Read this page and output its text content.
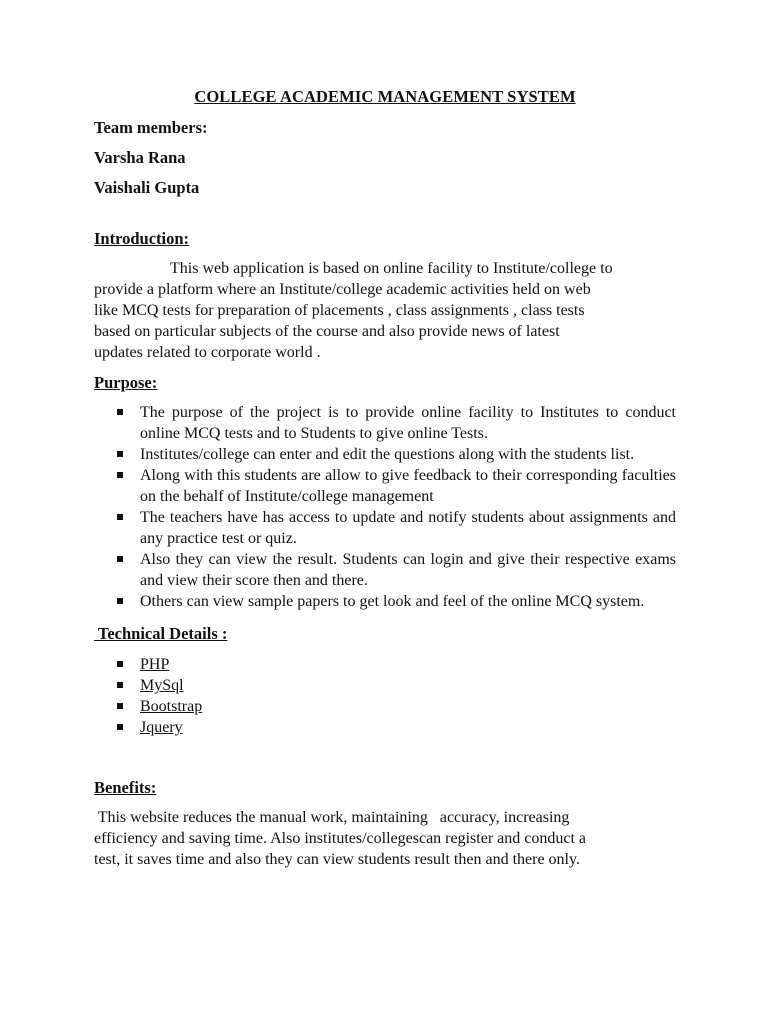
COLLEGE ACADEMIC MANAGEMENT SYSTEM

Team members:

Varsha Rana

Vaishali Gupta

Introduction:

This web application is based on online facility to Institute/college to

provide a platform where an Institute/college academic activities held on web

like MCQ tests for preparation of placements , class assignments , class tests

based on particular subjects of the course and also provide news of latest

updates related to corporate world .

Purpose:

The purpose of the project is to provide online facility to Institutes to conduct online MCQ tests and to Students to give online Tests.
Institutes/college can enter and edit the questions along with the students list.
Along with this students are allow to give feedback to their corresponding faculties on the behalf of Institute/college management
The teachers have has access to update and notify students about assignments and any practice test or quiz.
Also they can view the result. Students can login and give their respective exams and view their score then and there.
Others can view sample papers to get look and feel of the online MCQ system.

Technical Details :

PHP
MySql
Bootstrap
Jquery

Benefits:

This website reduces the manual work, maintaining   accuracy, increasing

efficiency and saving time. Also institutes/collegescan register and conduct a

test, it saves time and also they can view students result then and there only.
